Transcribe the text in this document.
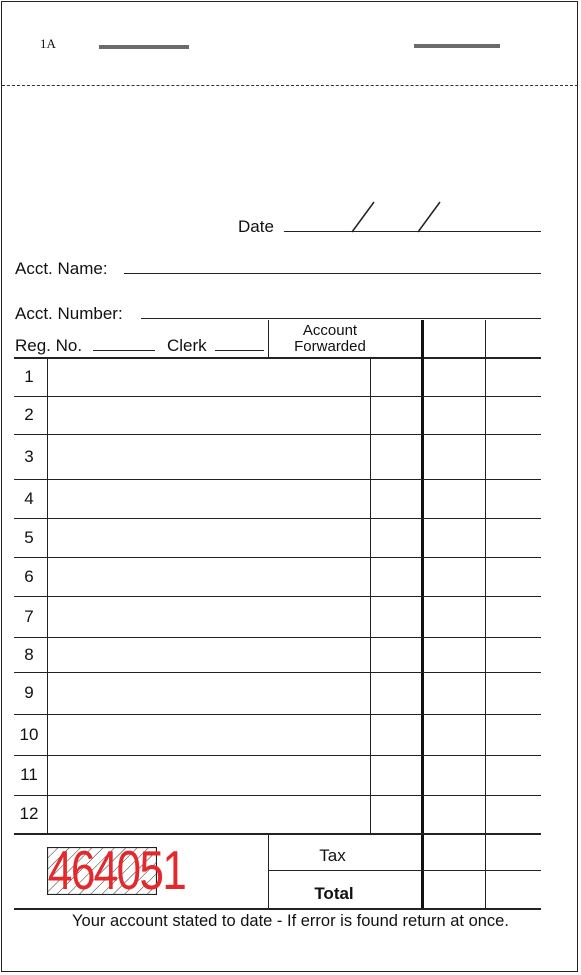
1A
Date
Acct. Name:
Acct. Number:
Reg. No.	Clerk
Account
Forwarded
1
2
3
4
5
6
7
8
9
10
11
12
Tax
Total
464051
Your account stated to date - If error is found return at once.
